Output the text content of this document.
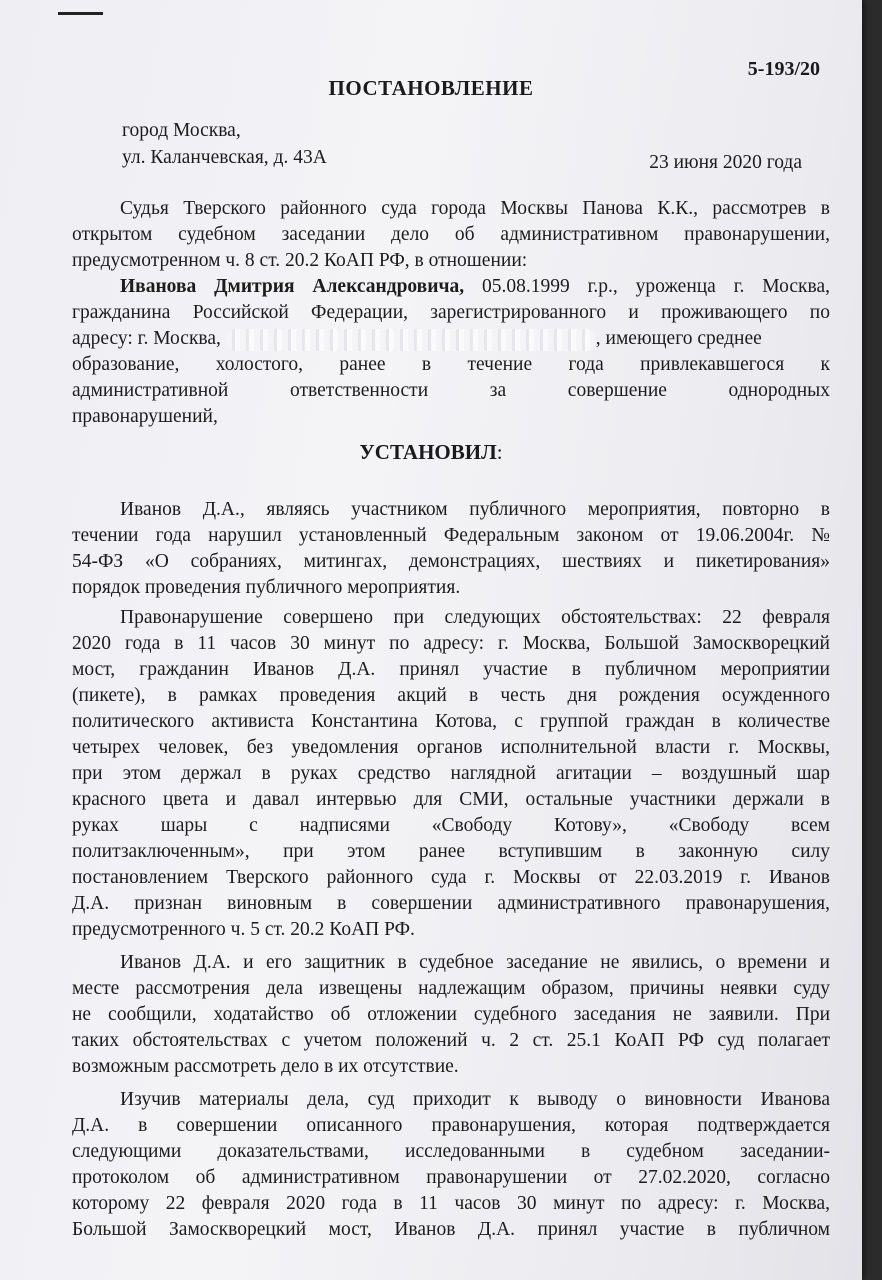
5-193/20
ПОСТАНОВЛЕНИЕ
город Москва,
ул. Каланчевская, д. 43А	23 июня 2020 года
Судья Тверского районного суда города Москвы Панова К.К., рассмотрев в
открытом судебном заседании дело об административном правонарушении,
предусмотренном ч. 8 ст. 20.2 КоАП РФ, в отношении:
Иванова Дмитрия Александровича, 05.08.1999 г.р., уроженца г. Москва,
гражданина Российской Федерации, зарегистрированного и проживающего по
адресу: г. Москва,	, имеющего среднее
образование, холостого, ранее в течение года привлекавшегося к
административной ответственности за совершение однородных
правонарушений,
УСТАНОВИЛ:
Иванов Д.А., являясь участником публичного мероприятия, повторно в
течении года нарушил установленный Федеральным законом от 19.06.2004г. №
54-ФЗ «О собраниях, митингах, демонстрациях, шествиях и пикетирования»
порядок проведения публичного мероприятия.
Правонарушение совершено при следующих обстоятельствах: 22 февраля
2020 года в 11 часов 30 минут по адресу: г. Москва, Большой Замоскворецкий
мост, гражданин Иванов Д.А. принял участие в публичном мероприятии
(пикете), в рамках проведения акций в честь дня рождения осужденного
политического активиста Константина Котова, с группой граждан в количестве
четырех человек, без уведомления органов исполнительной власти г. Москвы,
при этом держал в руках средство наглядной агитации – воздушный шар
красного цвета и давал интервью для СМИ, остальные участники держали в
руках шары с надписями «Свободу Котову», «Свободу всем
политзаключенным», при этом ранее вступившим в законную силу
постановлением Тверского районного суда г. Москвы от 22.03.2019 г. Иванов
Д.А. признан виновным в совершении административного правонарушения,
предусмотренного ч. 5 ст. 20.2 КоАП РФ.
Иванов Д.А. и его защитник в судебное заседание не явились, о времени и
месте рассмотрения дела извещены надлежащим образом, причины неявки суду
не сообщили, ходатайство об отложении судебного заседания не заявили. При
таких обстоятельствах с учетом положений ч. 2 ст. 25.1 КоАП РФ суд полагает
возможным рассмотреть дело в их отсутствие.
Изучив материалы дела, суд приходит к выводу о виновности Иванова
Д.А. в совершении описанного правонарушения, которая подтверждается
следующими доказательствами, исследованными в судебном заседании-
протоколом об административном правонарушении от 27.02.2020, согласно
которому 22 февраля 2020 года в 11 часов 30 минут по адресу: г. Москва,
Большой Замоскворецкий мост, Иванов Д.А. принял участие в публичном
